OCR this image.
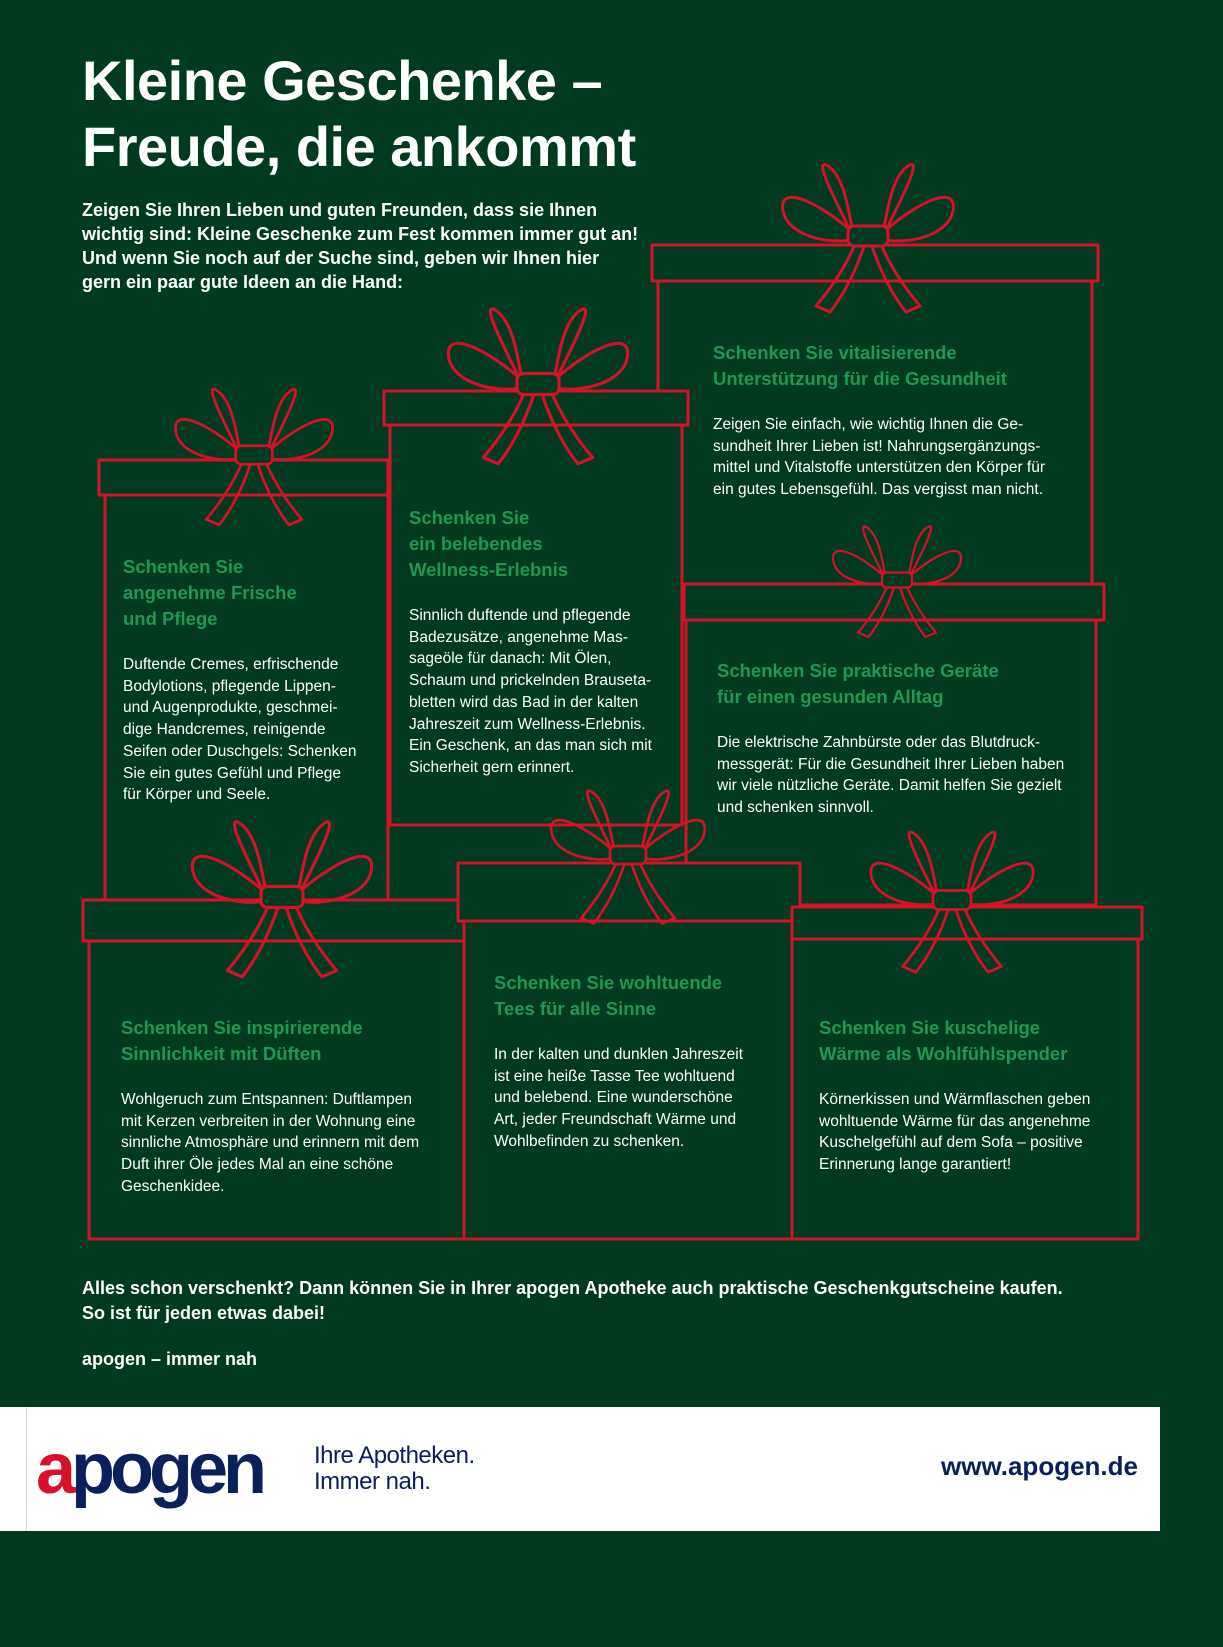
Kleine Geschenke –
Freude, die ankommt

Zeigen Sie Ihren Lieben und guten Freunden, dass sie Ihnen wichtig sind: Kleine Geschenke zum Fest kommen immer gut an! Und wenn Sie noch auf der Suche sind, geben wir Ihnen hier gern ein paar gute Ideen an die Hand:

Schenken Sie vitalisierende
Unterstützung für die Gesundheit

Zeigen Sie einfach, wie wichtig Ihnen die Ge-
sundheit Ihrer Lieben ist! Nahrungsergänzungs-
mittel und Vitalstoffe unterstützen den Körper für
ein gutes Lebensgefühl. Das vergisst man nicht.

Schenken Sie
ein belebendes
Wellness-Erlebnis

Sinnlich duftende und pflegende
Badezusätze, angenehme Mas-
sageöle für danach: Mit Ölen,
Schaum und prickelnden Brauseta-
bletten wird das Bad in der kalten
Jahreszeit zum Wellness-Erlebnis.
Ein Geschenk, an das man sich mit
Sicherheit gern erinnert.

Schenken Sie
angenehme Frische
und Pflege

Duftende Cremes, erfrischende
Bodylotions, pflegende Lippen-
und Augenprodukte, geschmei-
dige Handcremes, reinigende
Seifen oder Duschgels: Schenken
Sie ein gutes Gefühl und Pflege
für Körper und Seele.

Schenken Sie praktische Geräte
für einen gesunden Alltag

Die elektrische Zahnbürste oder das Blutdruck-
messgerät: Für die Gesundheit Ihrer Lieben haben
wir viele nützliche Geräte. Damit helfen Sie gezielt
und schenken sinnvoll.

Schenken Sie inspirierende
Sinnlichkeit mit Düften

Wohlgeruch zum Entspannen: Duftlampen
mit Kerzen verbreiten in der Wohnung eine
sinnliche Atmosphäre und erinnern mit dem
Duft ihrer Öle jedes Mal an eine schöne
Geschenkidee.

Schenken Sie wohltuende
Tees für alle Sinne

In der kalten und dunklen Jahreszeit
ist eine heiße Tasse Tee wohltuend
und belebend. Eine wunderschöne
Art, jeder Freundschaft Wärme und
Wohlbefinden zu schenken.

Schenken Sie kuschelige
Wärme als Wohlfühlspender

Körnerkissen und Wärmflaschen geben
wohltuende Wärme für das angenehme
Kuschelgefühl auf dem Sofa – positive
Erinnerung lange garantiert!

Alles schon verschenkt? Dann können Sie in Ihrer apogen Apotheke auch praktische Geschenkgutscheine kaufen.
So ist für jeden etwas dabei!

apogen – immer nah

apogen Ihre Apotheken.
Immer nah.

www.apogen.de
